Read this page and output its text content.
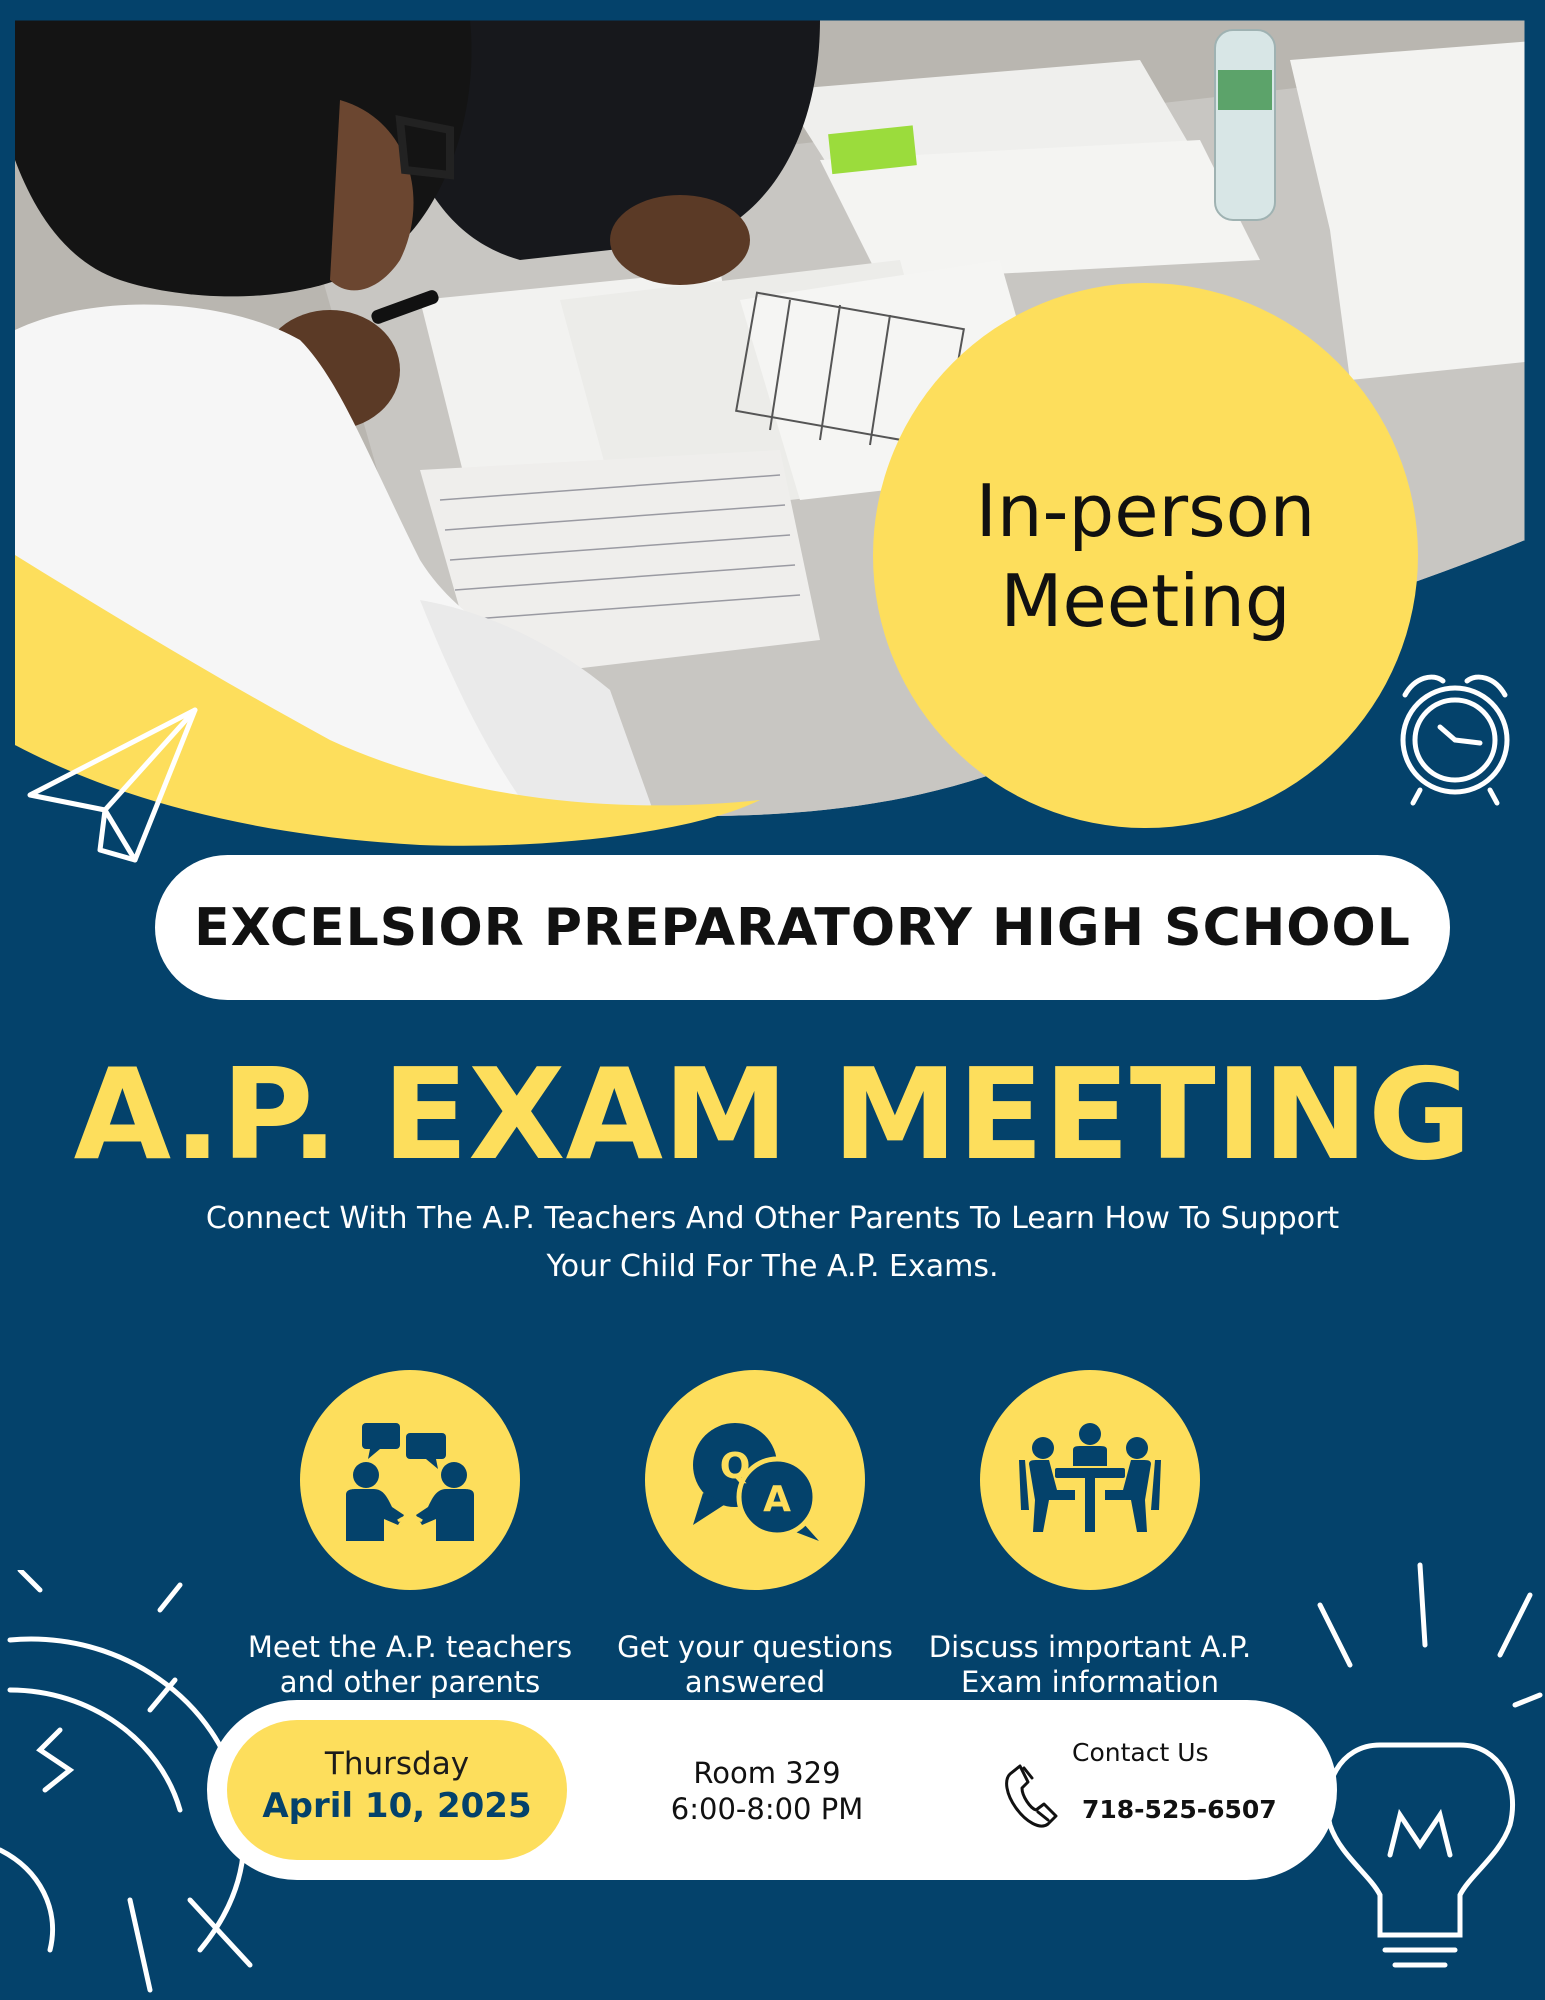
In-person Meeting
EXCELSIOR PREPARATORY HIGH SCHOOL
A.P. EXAM MEETING
Connect With The A.P. Teachers And Other Parents To Learn How To Support Your Child For The A.P. Exams.
Meet the A.P. teachers and other parents
Q
A
Get your questions answered
Discuss important A.P. Exam information
Thursday
April 10, 2025
Room 329
6:00-8:00 PM
Contact Us
718-525-6507
